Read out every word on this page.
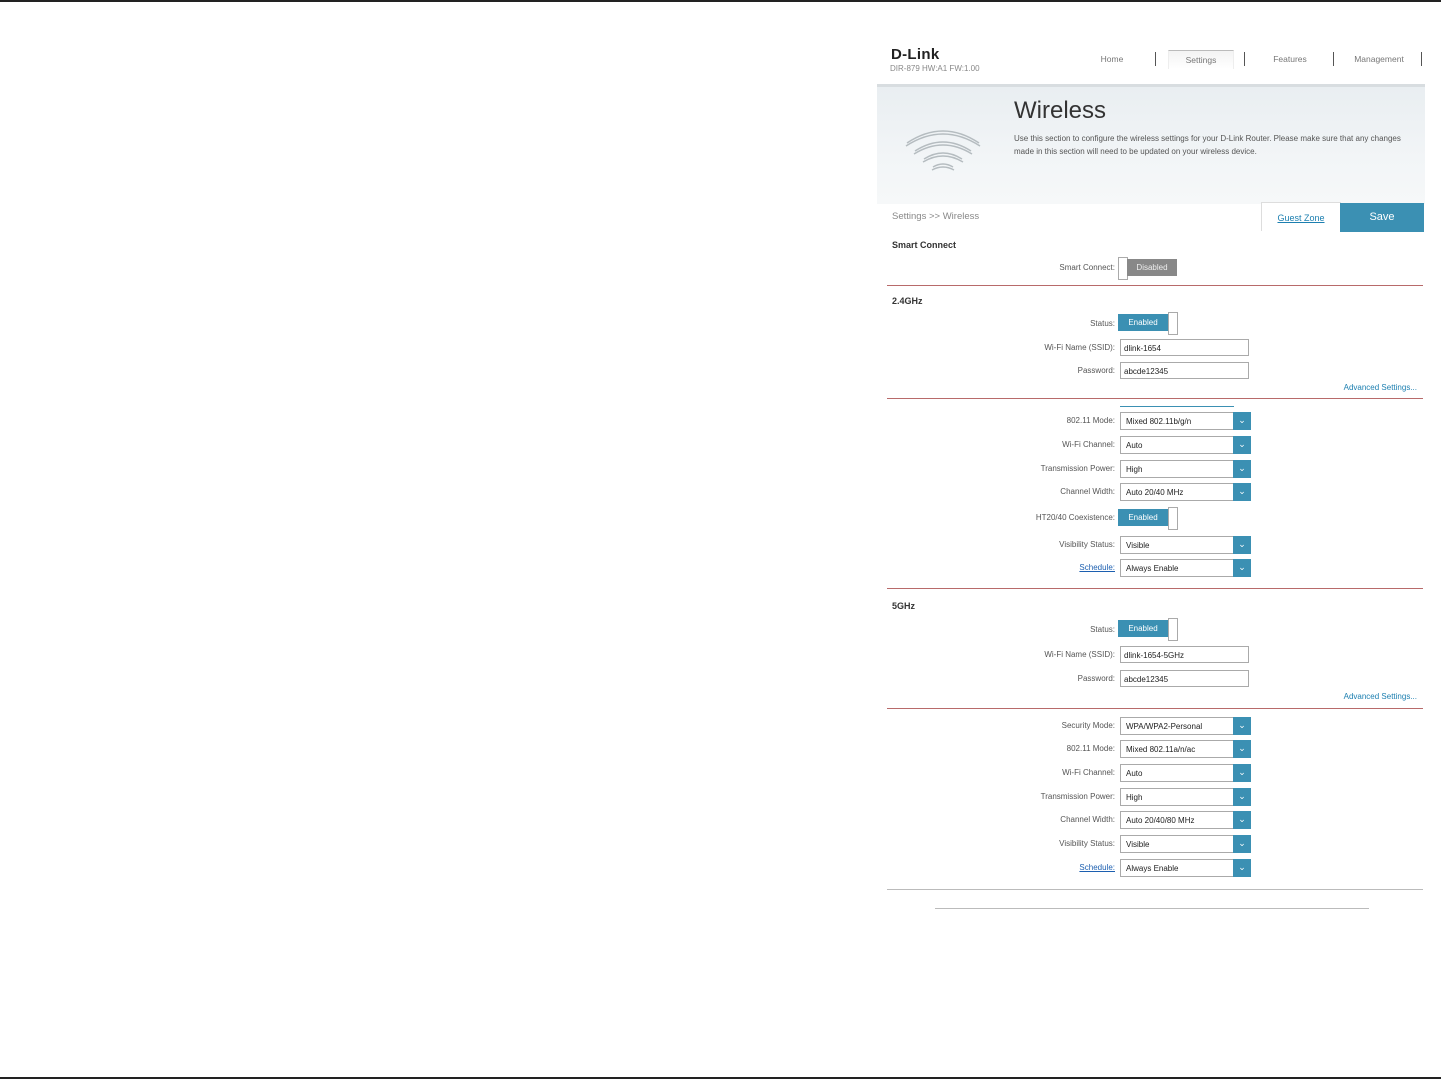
D-Link
DIR-879 HW:A1 FW:1.00
Home	Settings	Features	Management
Wireless
Use this section to configure the wireless settings for your D-Link Router. Please make sure that any changes made in this section will need to be updated on your wireless device.
Settings >> Wireless	Guest Zone	Save
Smart Connect
Smart Connect:	Disabled
2.4GHz
Status:	Enabled
Wi-Fi Name (SSID):	dlink-1654
Password:	abcde12345
Advanced Settings...
802.11 Mode:	Mixed 802.11b/g/n	⌄
Wi-Fi Channel:	Auto	⌄
Transmission Power:	High	⌄
Channel Width:	Auto 20/40 MHz	⌄
HT20/40 Coexistence:	Enabled
Visibility Status:	Visible	⌄
Schedule:	Always Enable	⌄
5GHz
Status:	Enabled
Wi-Fi Name (SSID):	dlink-1654-5GHz
Password:	abcde12345
Advanced Settings...
Security Mode:	WPA/WPA2-Personal	⌄
802.11 Mode:	Mixed 802.11a/n/ac	⌄
Wi-Fi Channel:	Auto	⌄
Transmission Power:	High	⌄
Channel Width:	Auto 20/40/80 MHz	⌄
Visibility Status:	Visible	⌄
Schedule:	Always Enable	⌄
